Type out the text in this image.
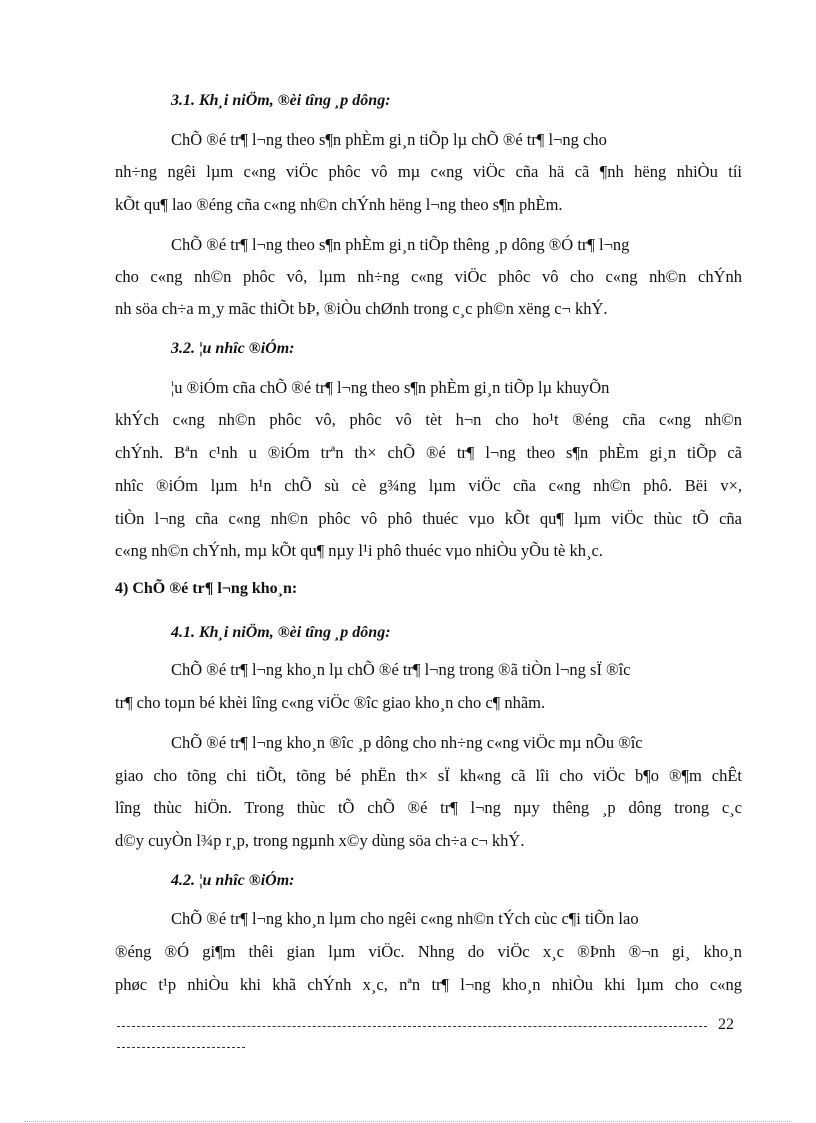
3.1. Kh¸i niÖm, ®èi tîng ¸p dông:
ChÕ ®é tr¶ l¬ng theo s¶n phÈm gi¸n tiÕp lµ chÕ ®é tr¶ l¬ng cho
nh÷ng ngêi lµm c«ng viÖc phôc vô mµ c«ng viÖc cña hä cã ¶nh hëng nhiÒu tíi
kÕt qu¶ lao ®éng cña c«ng nh©n chÝnh hëng l¬ng theo s¶n phÈm.
ChÕ ®é tr¶ l¬ng theo s¶n phÈm gi¸n tiÕp thêng ¸p dông ®Ó tr¶ l¬ng
cho c«ng nh©n phôc vô, lµm nh÷ng c«ng viÖc phôc vô cho c«ng nh©n chÝnh
nh söa ch÷a m¸y mãc thiÕt bÞ, ®iÒu chØnh trong c¸c ph©n xëng c¬ khÝ.
3.2. ¦u nhîc ®iÓm:
¦u ®iÓm cña chÕ ®é tr¶ l¬ng theo s¶n phÈm gi¸n tiÕp lµ khuyÕn
khÝch c«ng nh©n phôc vô, phôc vô tèt h¬n cho ho¹t ®éng cña c«ng nh©n
chÝnh. Bªn c¹nh u ®iÓm trªn th× chÕ ®é tr¶ l¬ng theo s¶n phÈm gi¸n tiÕp cã
nhîc ®iÓm lµm h¹n chÕ sù cè g¾ng lµm viÖc cña c«ng nh©n phô. Bëi v×,
tiÒn l¬ng cña c«ng nh©n phôc vô phô thuéc vµo kÕt qu¶ lµm viÖc thùc tÕ cña
c«ng nh©n chÝnh, mµ kÕt qu¶ nµy l¹i phô thuéc vµo nhiÒu yÕu tè kh¸c.
4) ChÕ ®é tr¶ l¬ng kho¸n:
4.1. Kh¸i niÖm, ®èi tîng ¸p dông:
ChÕ ®é tr¶ l¬ng kho¸n lµ chÕ ®é tr¶ l¬ng trong ®ã tiÒn l¬ng sÏ ®îc
tr¶ cho toµn bé khèi lîng c«ng viÖc ®îc giao kho¸n cho c¶ nhãm.
ChÕ ®é tr¶ l¬ng kho¸n ®îc ¸p dông cho nh÷ng c«ng viÖc mµ nÕu ®îc
giao cho tõng chi tiÕt, tõng bé phËn th× sÏ kh«ng cã lîi cho viÖc b¶o ®¶m chÊt
lîng thùc hiÖn. Trong thùc tÕ chÕ ®é tr¶ l¬ng nµy thêng ¸p dông trong c¸c
d©y cuyÒn l¾p r¸p, trong ngµnh x©y dùng söa ch÷a c¬ khÝ.
4.2. ¦u nhîc ®iÓm:
ChÕ ®é tr¶ l¬ng kho¸n lµm cho ngêi c«ng nh©n tÝch cùc c¶i tiÕn lao
®éng ®Ó gi¶m thêi gian lµm viÖc. Nhng do viÖc x¸c ®Þnh ®¬n gi¸ kho¸n
phøc t¹p nhiÒu khi khã chÝnh x¸c, nªn tr¶ l¬ng kho¸n nhiÒu khi lµm cho c«ng
22
